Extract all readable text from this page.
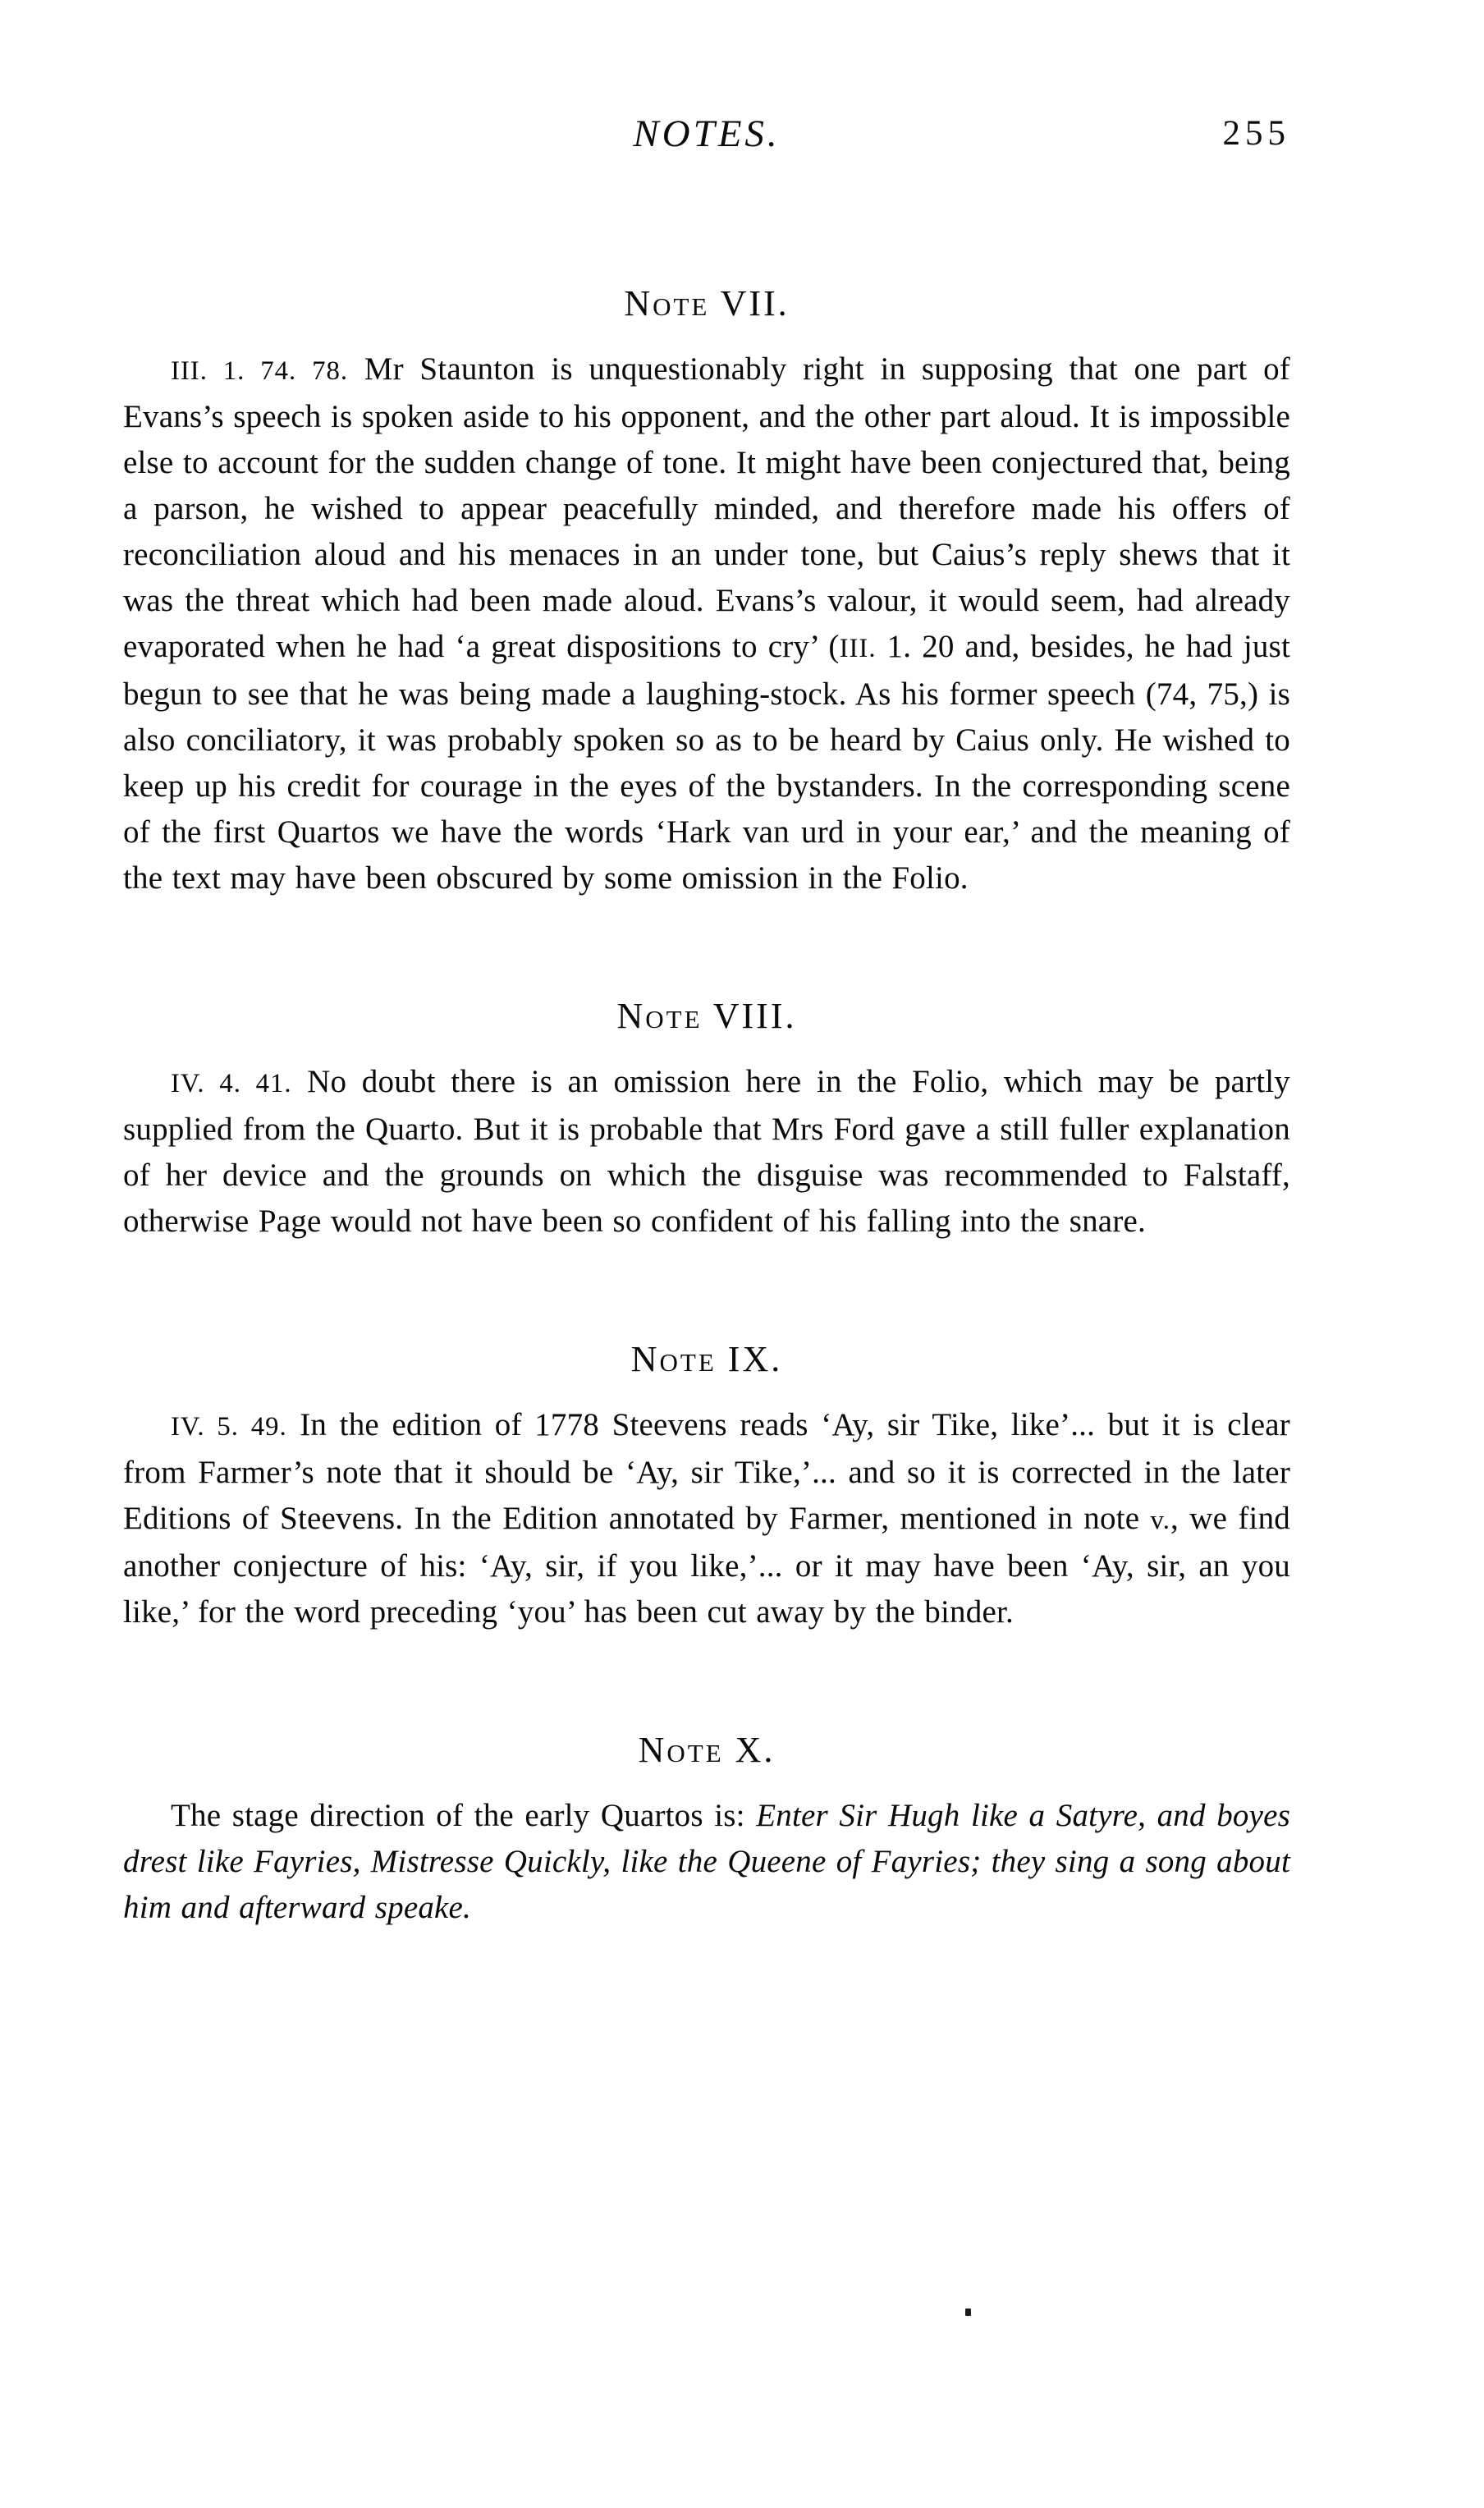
NOTES.	255
Note VII.

III. 1. 74. 78. Mr Staunton is unquestionably right in supposing that one part of Evans’s speech is spoken aside to his opponent, and the other part aloud. It is impossible else to account for the sudden change of tone. It might have been conjectured that, being a parson, he wished to appear peacefully minded, and therefore made his offers of reconciliation aloud and his menaces in an under tone, but Caius’s reply shews that it was the threat which had been made aloud. Evans’s valour, it would seem, had already evaporated when he had ‘a great dispositions to cry’ (III. 1. 20 and, besides, he had just begun to see that he was being made a laughing-stock. As his former speech (74, 75,) is also conciliatory, it was probably spoken so as to be heard by Caius only. He wished to keep up his credit for courage in the eyes of the bystanders. In the corresponding scene of the first Quartos we have the words ‘Hark van urd in your ear,’ and the meaning of the text may have been obscured by some omission in the Folio.

Note VIII.

IV. 4. 41. No doubt there is an omission here in the Folio, which may be partly supplied from the Quarto. But it is probable that Mrs Ford gave a still fuller explanation of her device and the grounds on which the disguise was recommended to Falstaff, otherwise Page would not have been so confident of his falling into the snare.

Note IX.

IV. 5. 49. In the edition of 1778 Steevens reads ‘Ay, sir Tike, like’... but it is clear from Farmer’s note that it should be ‘Ay, sir Tike,’... and so it is corrected in the later Editions of Steevens. In the Edition annotated by Farmer, mentioned in note v., we find another conjecture of his: ‘Ay, sir, if you like,’... or it may have been ‘Ay, sir, an you like,’ for the word preceding ‘you’ has been cut away by the binder.

Note X.

The stage direction of the early Quartos is: Enter Sir Hugh like a Satyre, and boyes drest like Fayries, Mistresse Quickly, like the Queene of Fayries; they sing a song about him and afterward speake.
